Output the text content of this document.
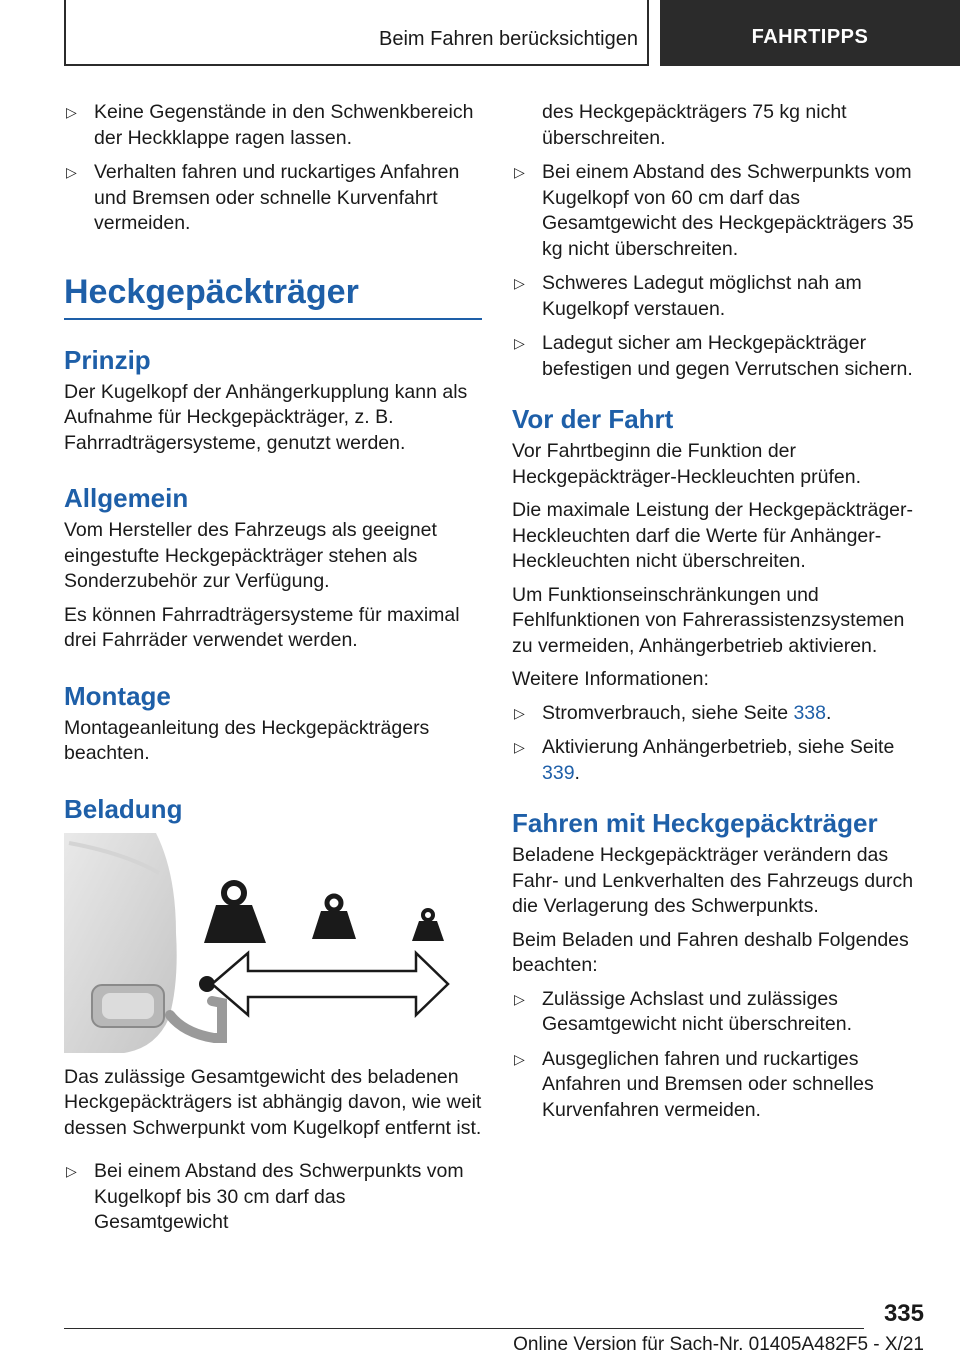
Beim Fahren berücksichtigen	FAHRTIPPS
▷ Keine Gegenstände in den Schwenkbereich der Heckklappe ragen lassen.
▷ Verhalten fahren und ruckartiges Anfahren und Bremsen oder schnelle Kurvenfahrt vermeiden.
Heckgepäckträger
Prinzip

Der Kugelkopf der Anhängerkupplung kann als Aufnahme für Heckgepäckträger, z. B. Fahrradträgersysteme, genutzt werden.

Allgemein

Vom Hersteller des Fahrzeugs als geeignet eingestufte Heckgepäckträger stehen als Sonderzubehör zur Verfügung.

Es können Fahrradträgersysteme für maximal drei Fahrräder verwendet werden.

Montage

Montageanleitung des Heckgepäckträgers beachten.

Beladung

Das zulässige Gesamtgewicht des beladenen Heckgepäckträgers ist abhängig davon, wie weit dessen Schwerpunkt vom Kugelkopf entfernt ist.

▷ Bei einem Abstand des Schwerpunkts vom Kugelkopf bis 30 cm darf das Gesamtgewicht
des Heckgepäckträgers 75 kg nicht überschreiten.
▷ Bei einem Abstand des Schwerpunkts vom Kugelkopf von 60 cm darf das Gesamtgewicht des Heckgepäckträgers 35 kg nicht überschreiten.
▷ Schweres Ladegut möglichst nah am Kugelkopf verstauen.
▷ Ladegut sicher am Heckgepäckträger befestigen und gegen Verrutschen sichern.
Vor der Fahrt

Vor Fahrtbeginn die Funktion der Heckgepäckträger-Heckleuchten prüfen.

Die maximale Leistung der Heckgepäckträger-Heckleuchten darf die Werte für Anhänger-Heckleuchten nicht überschreiten.

Um Funktionseinschränkungen und Fehlfunktionen von Fahrerassistenzsystemen zu vermeiden, Anhängerbetrieb aktivieren.

Weitere Informationen:

▷ Stromverbrauch, siehe Seite 338.
▷ Aktivierung Anhängerbetrieb, siehe Seite 339.
Fahren mit Heckgepäckträger

Beladene Heckgepäckträger verändern das Fahr- und Lenkverhalten des Fahrzeugs durch die Verlagerung des Schwerpunkts.

Beim Beladen und Fahren deshalb Folgendes beachten:

▷ Zulässige Achslast und zulässiges Gesamtgewicht nicht überschreiten.
▷ Ausgeglichen fahren und ruckartiges Anfahren und Bremsen oder schnelles Kurvenfahren vermeiden.
335
Online Version für Sach-Nr. 01405A482F5 - X/21
